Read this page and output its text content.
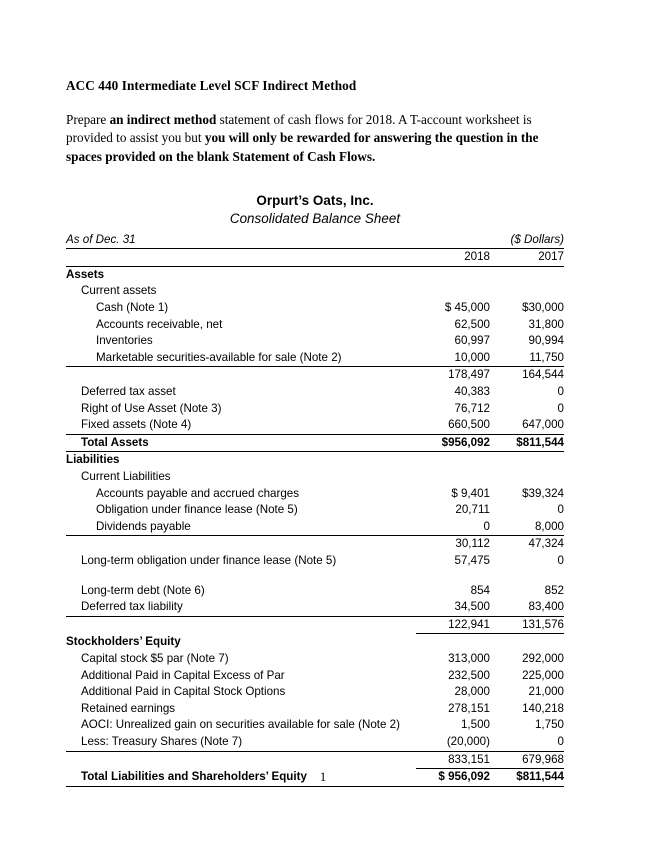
ACC 440 Intermediate Level SCF Indirect Method

Prepare an indirect method statement of cash flows for 2018. A T-account worksheet is provided to assist you but you will only be rewarded for answering the question in the spaces provided on the blank Statement of Cash Flows.

Orpurt’s Oats, Inc.
Consolidated Balance Sheet
As of Dec. 31		($ Dollars)
	2018	2017
Assets		
Current assets		
Cash (Note 1)	$ 45,000	$30,000
Accounts receivable, net	62,500	31,800
Inventories	60,997	90,994
Marketable securities-available for sale (Note 2)	10,000	11,750
	178,497	164,544
Deferred tax asset	40,383	0
Right of Use Asset (Note 3)	76,712	0
Fixed assets (Note 4)	660,500	647,000
Total Assets	$956,092	$811,544
Liabilities		
Current Liabilities		
Accounts payable and accrued charges	$ 9,401	$39,324
Obligation under finance lease (Note 5)	20,711	0
Dividends payable	0	8,000
	30,112	47,324
Long-term obligation under finance lease (Note 5)	57,475	0

Long-term debt (Note 6)	854	852
Deferred tax liability	34,500	83,400
	122,941	131,576
Stockholders’ Equity		
Capital stock $5 par (Note 7)	313,000	292,000
Additional Paid in Capital Excess of Par	232,500	225,000
Additional Paid in Capital Stock Options	28,000	21,000
Retained earnings	278,151	140,218
AOCI: Unrealized gain on securities available for sale (Note 2)	1,500	1,750
Less: Treasury Shares (Note 7)	(20,000)	0
	833,151	679,968
Total Liabilities and Shareholders’ Equity	$ 956,092	$811,544
1
